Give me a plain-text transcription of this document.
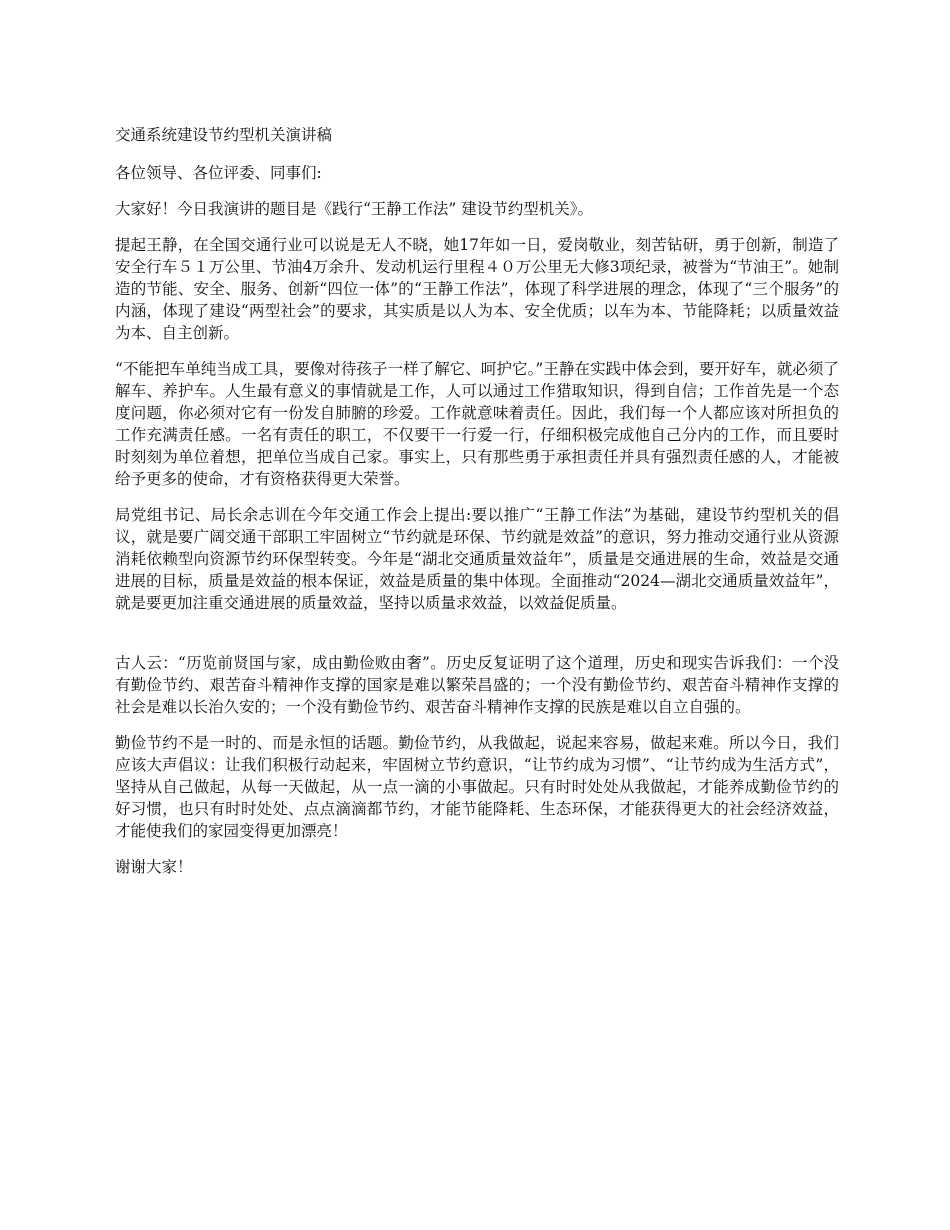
交通系统建设节约型机关演讲稿

各位领导、各位评委、同事们:

大家好！今日我演讲的题目是《践行“王静工作法” 建设节约型机关》。

提起王静，在全国交通行业可以说是无人不晓，她17年如一日，爱岗敬业，刻苦钻研，勇于创新，制造了安全行车５１万公里、节油4万余升、发动机运行里程４０万公里无大修3项纪录，被誉为“节油王”。她制造的节能、安全、服务、创新“四位一体”的“王静工作法”，体现了科学进展的理念，体现了“三个服务”的内涵，体现了建设“两型社会”的要求，其实质是以人为本、安全优质；以车为本、节能降耗；以质量效益为本、自主创新。

“不能把车单纯当成工具，要像对待孩子一样了解它、呵护它。”王静在实践中体会到，要开好车，就必须了解车、养护车。人生最有意义的事情就是工作，人可以通过工作猎取知识，得到自信；工作首先是一个态度问题，你必须对它有一份发自肺腑的珍爱。工作就意味着责任。因此，我们每一个人都应该对所担负的工作充满责任感。一名有责任的职工，不仅要干一行爱一行，仔细积极完成他自己分内的工作，而且要时时刻刻为单位着想，把单位当成自己家。事实上，只有那些勇于承担责任并具有强烈责任感的人，才能被给予更多的使命，才有资格获得更大荣誉。

局党组书记、局长余志训在今年交通工作会上提出:要以推广“王静工作法”为基础，建设节约型机关的倡议，就是要广阔交通干部职工牢固树立“节约就是环保、节约就是效益”的意识，努力推动交通行业从资源消耗依赖型向资源节约环保型转变。今年是“湖北交通质量效益年”，质量是交通进展的生命，效益是交通进展的目标，质量是效益的根本保证，效益是质量的集中体现。全面推动“2024—湖北交通质量效益年”，就是要更加注重交通进展的质量效益，坚持以质量求效益，以效益促质量。

古人云：“历览前贤国与家，成由勤俭败由奢”。历史反复证明了这个道理，历史和现实告诉我们：一个没有勤俭节约、艰苦奋斗精神作支撑的国家是难以繁荣昌盛的；一个没有勤俭节约、艰苦奋斗精神作支撑的社会是难以长治久安的；一个没有勤俭节约、艰苦奋斗精神作支撑的民族是难以自立自强的。

勤俭节约不是一时的、而是永恒的话题。勤俭节约，从我做起，说起来容易，做起来难。所以今日，我们应该大声倡议：让我们积极行动起来，牢固树立节约意识，“让节约成为习惯”、“让节约成为生活方式”，坚持从自己做起，从每一天做起，从一点一滴的小事做起。只有时时处处从我做起，才能养成勤俭节约的好习惯，也只有时时处处、点点滴滴都节约，才能节能降耗、生态环保，才能获得更大的社会经济效益，才能使我们的家园变得更加漂亮！

谢谢大家！
